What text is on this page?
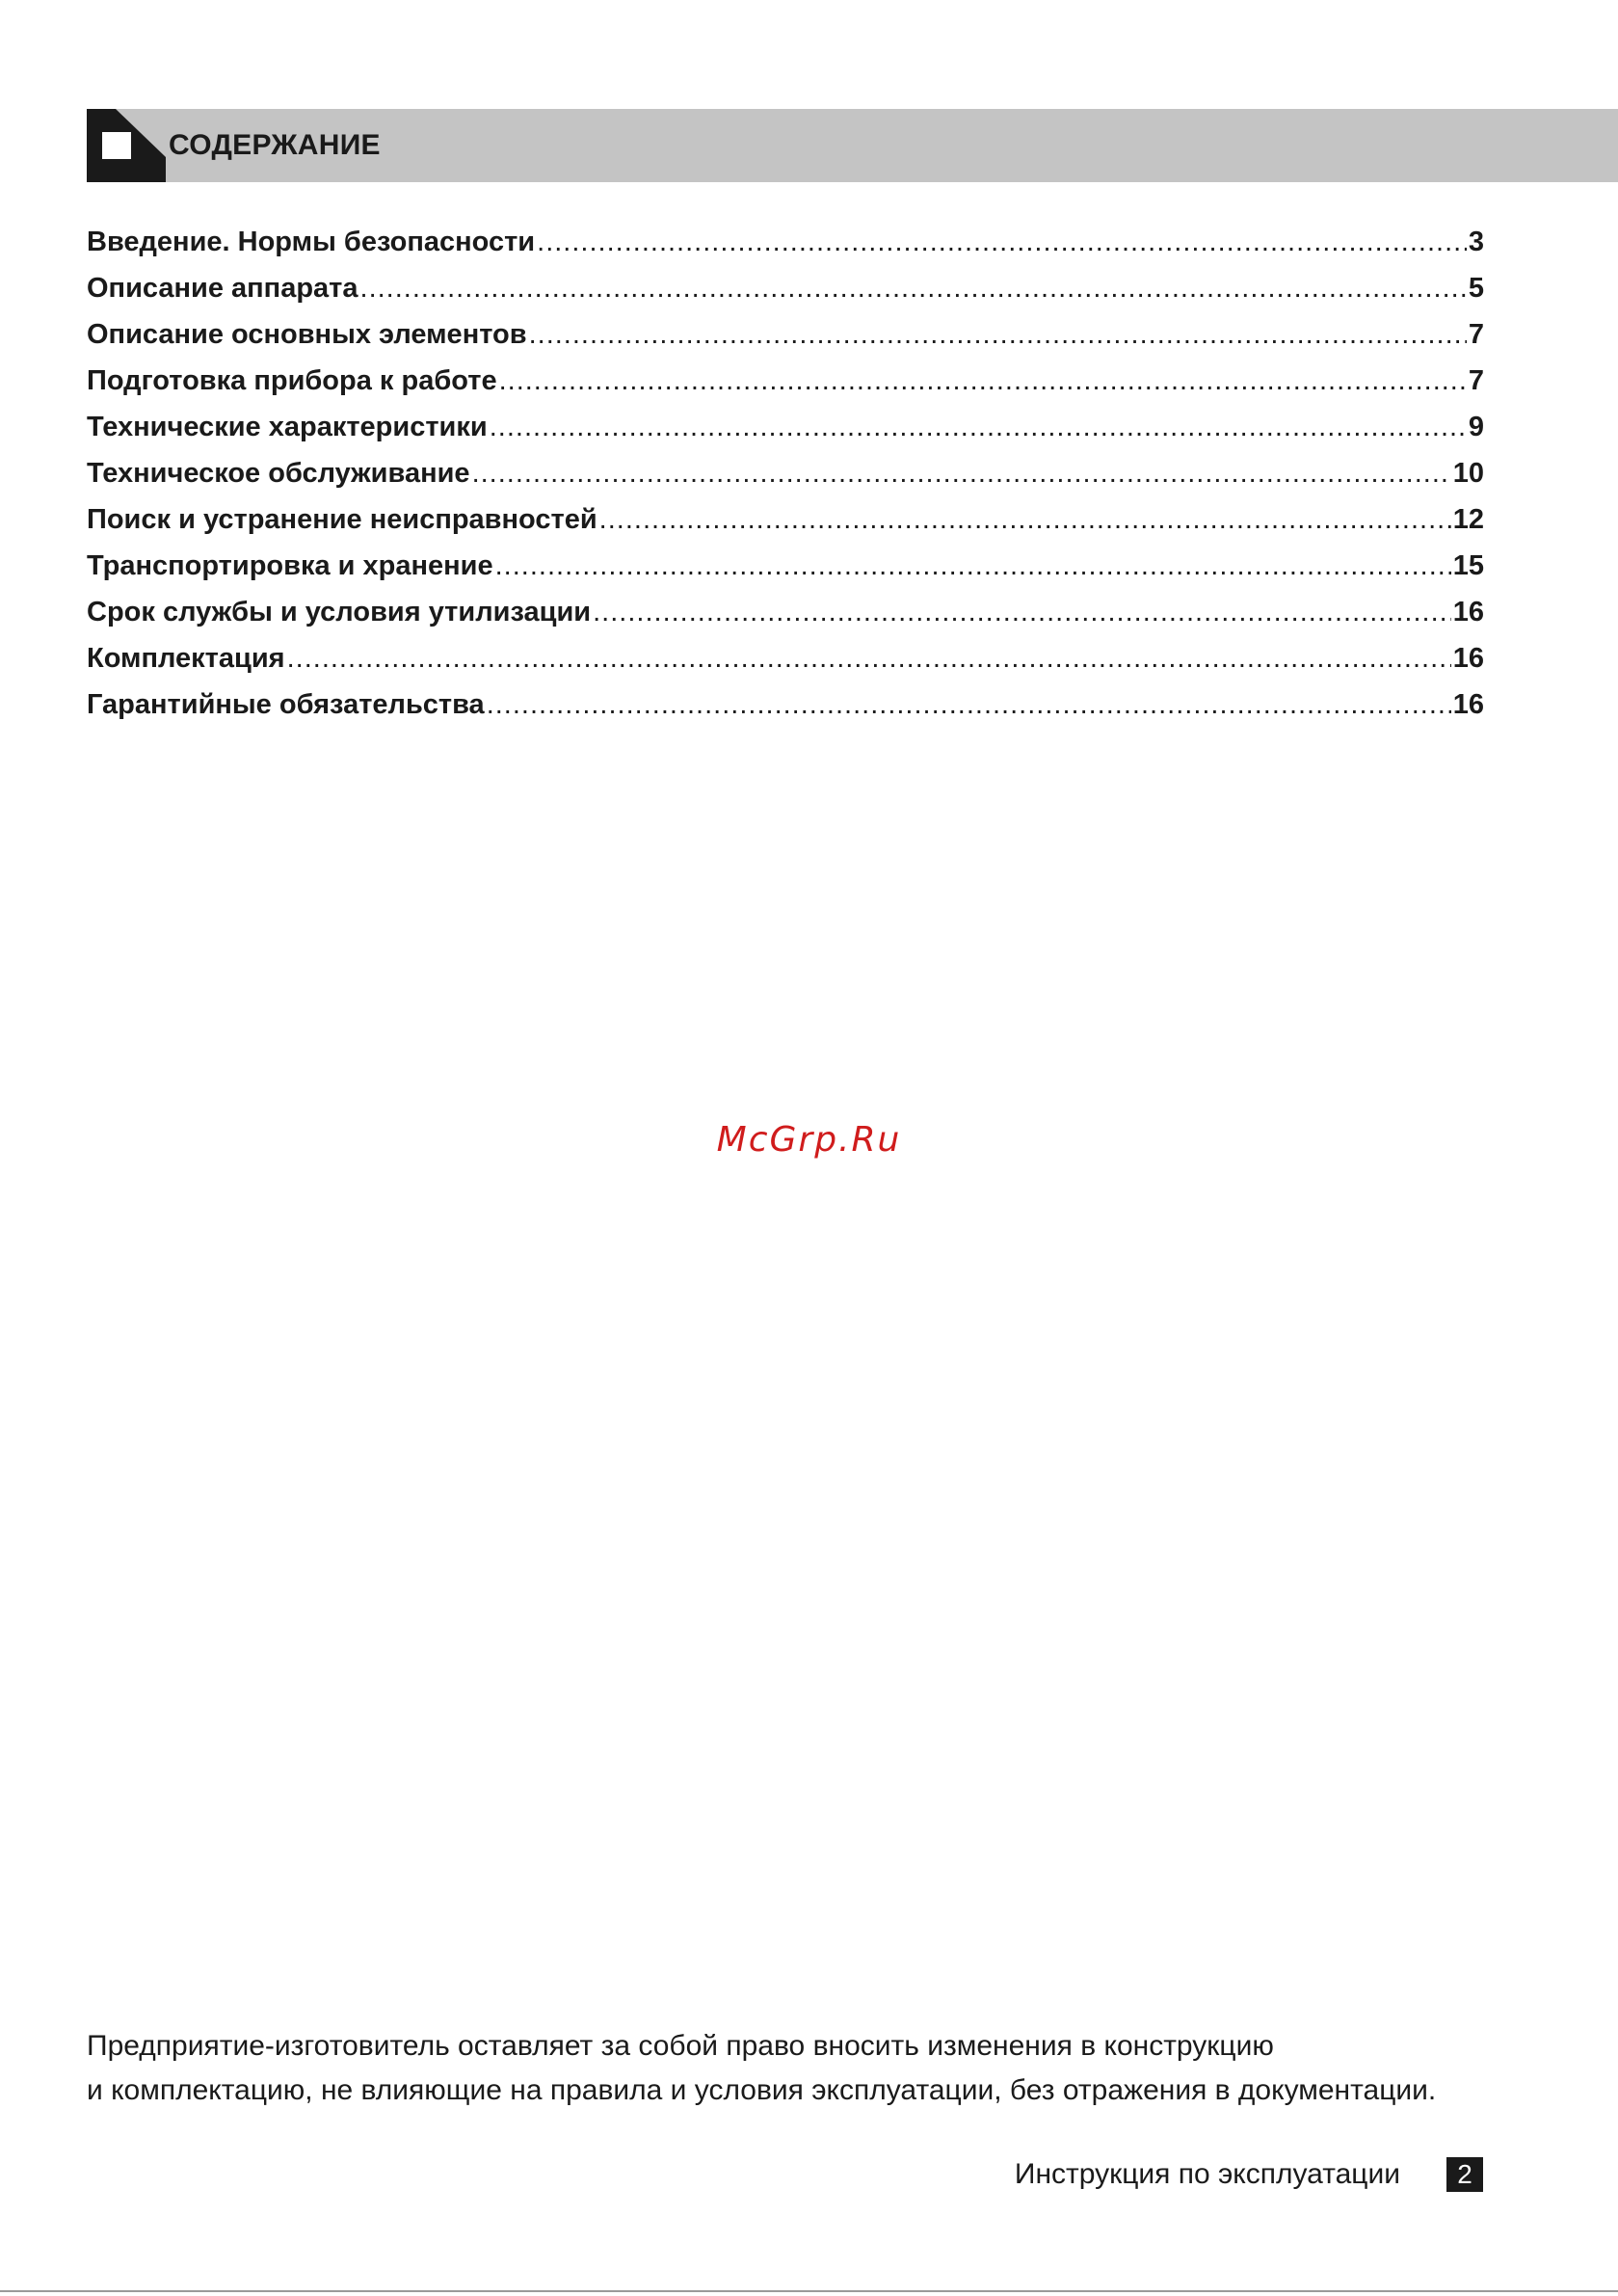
СОДЕРЖАНИЕ
Введение. Нормы безопасности .....	3
Описание аппарата .....	5
Описание основных элементов .....	7
Подготовка прибора к работе .....	7
Технические характеристики .....	9
Техническое обслуживание .....	10
Поиск и устранение неисправностей .....	12
Транспортировка и хранение .....	15
Срок службы и условия утилизации .....	16
Комплектация .....	16
Гарантийные обязательства .....	16
McGrp.Ru

Предприятие-изготовитель оставляет за собой право вносить изменения в конструкцию

и комплектацию, не влияющие на правила и условия эксплуатации, без отражения в документации.

Инструкция по эксплуатации	2
